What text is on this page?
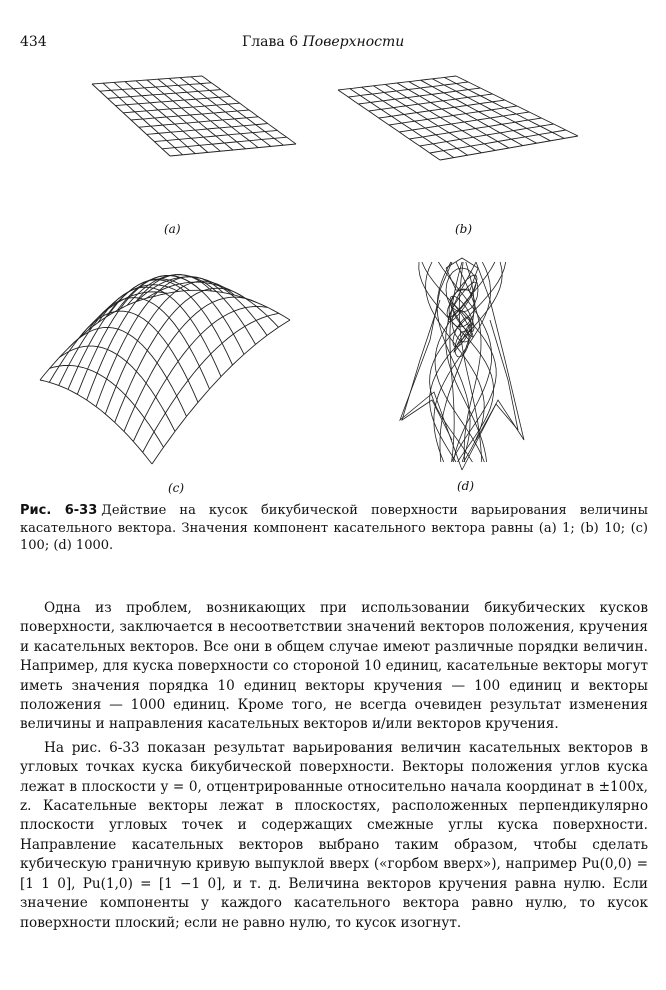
434	Глава 6 Поверхности
(a)	(b)
(c)	(d)
Рис. 6-33 Действие на кусок бикубической поверхности варьирования величины касательного вектора. Значения компонент касательного вектора равны (a) 1; (b) 10; (c) 100; (d) 1000.

Одна из проблем, возникающих при использовании бикубических кусков поверхности, заключается в несоответствии значений векторов положения, кручения и касательных векторов. Все они в общем случае имеют различные порядки величин. Например, для куска поверхности со стороной 10 единиц, касательные векторы могут иметь значения порядка 10 единиц векторы кручения — 100 единиц и векторы положения — 1000 единиц. Кроме того, не всегда очевиден результат изменения величины и направления касательных векторов и/или векторов кручения.

На рис. 6-33 показан результат варьирования величин касательных векторов в угловых точках куска бикубической поверхности. Векторы положения углов куска лежат в плоскости y = 0, отцентрированные относительно начала координат в ±100x, z. Касательные векторы лежат в плоскостях, расположенных перпендикулярно плоскости угловых точек и содержащих смежные углы куска поверхности. Направление касательных векторов выбрано таким образом, чтобы сделать кубическую граничную кривую выпуклой вверх («горбом вверх»), например Pu(0,0) = [1 1 0], Pu(1,0) = [1 −1 0], и т. д. Величина векторов кручения равна нулю. Если значение компоненты y каждого касательного вектора равно нулю, то кусок поверхности плоский; если не равно нулю, то кусок изогнут.
